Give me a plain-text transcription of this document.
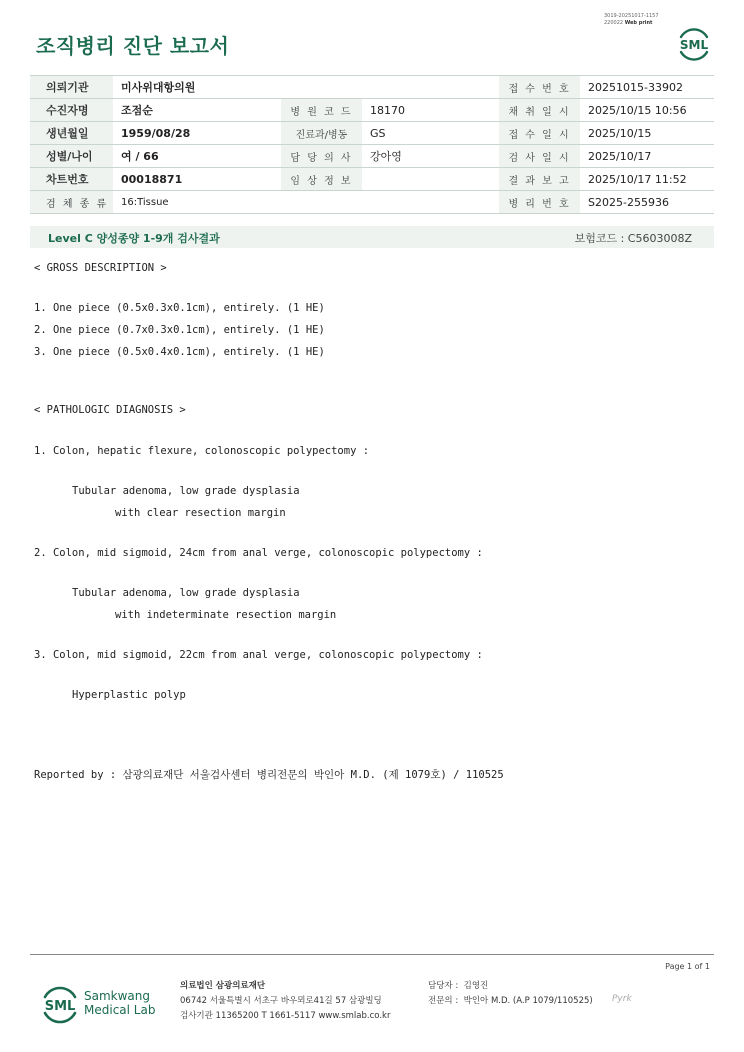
3019-20251017-1157
220022 Web print
조직병리 진단 보고서	SML
의뢰기관	미사위대항의원			접 수 번 호	20251015-33902
수진자명	조점순	병 원 코 드	18170	채 취 일 시	2025/10/15 10:56
생년월일	1959/08/28	진료과/병동	GS	접 수 일 시	2025/10/15
성별/나이	여 / 66	담 당 의 사	강아영	검 사 일 시	2025/10/17
차트번호	00018871	임 상 정 보		결 과 보 고	2025/10/17 11:52
검 체 종 류	16:Tissue			병 리 번 호	S2025-255936
Level C 양성종양 1-9개 검사결과	보험코드 : C5603008Z
< GROSS DESCRIPTION >
1. One piece (0.5x0.3x0.1cm), entirely. (1 HE)
2. One piece (0.7x0.3x0.1cm), entirely. (1 HE)
3. One piece (0.5x0.4x0.1cm), entirely. (1 HE)
< PATHOLOGIC DIAGNOSIS >
1. Colon, hepatic flexure, colonoscopic polypectomy :
Tubular adenoma, low grade dysplasia
with clear resection margin
2. Colon, mid sigmoid, 24cm from anal verge, colonoscopic polypectomy :
Tubular adenoma, low grade dysplasia
with indeterminate resection margin
3. Colon, mid sigmoid, 22cm from anal verge, colonoscopic polypectomy :
Hyperplastic polyp
Reported by : 삼광의료재단 서울검사센터 병리전문의 박인아 M.D. (제 1079호) / 110525
Page 1 of 1
SML
Samkwang
Medical Lab
의료법인 삼광의료재단
06742 서울특별시 서초구 바우뫼로41길 57 삼광빌딩
검사기관 11365200 T 1661-5117 www.smlab.co.kr
담당자 : 김영진
전문의 : 박인아 M.D. (A.P 1079/110525) Pyrk
